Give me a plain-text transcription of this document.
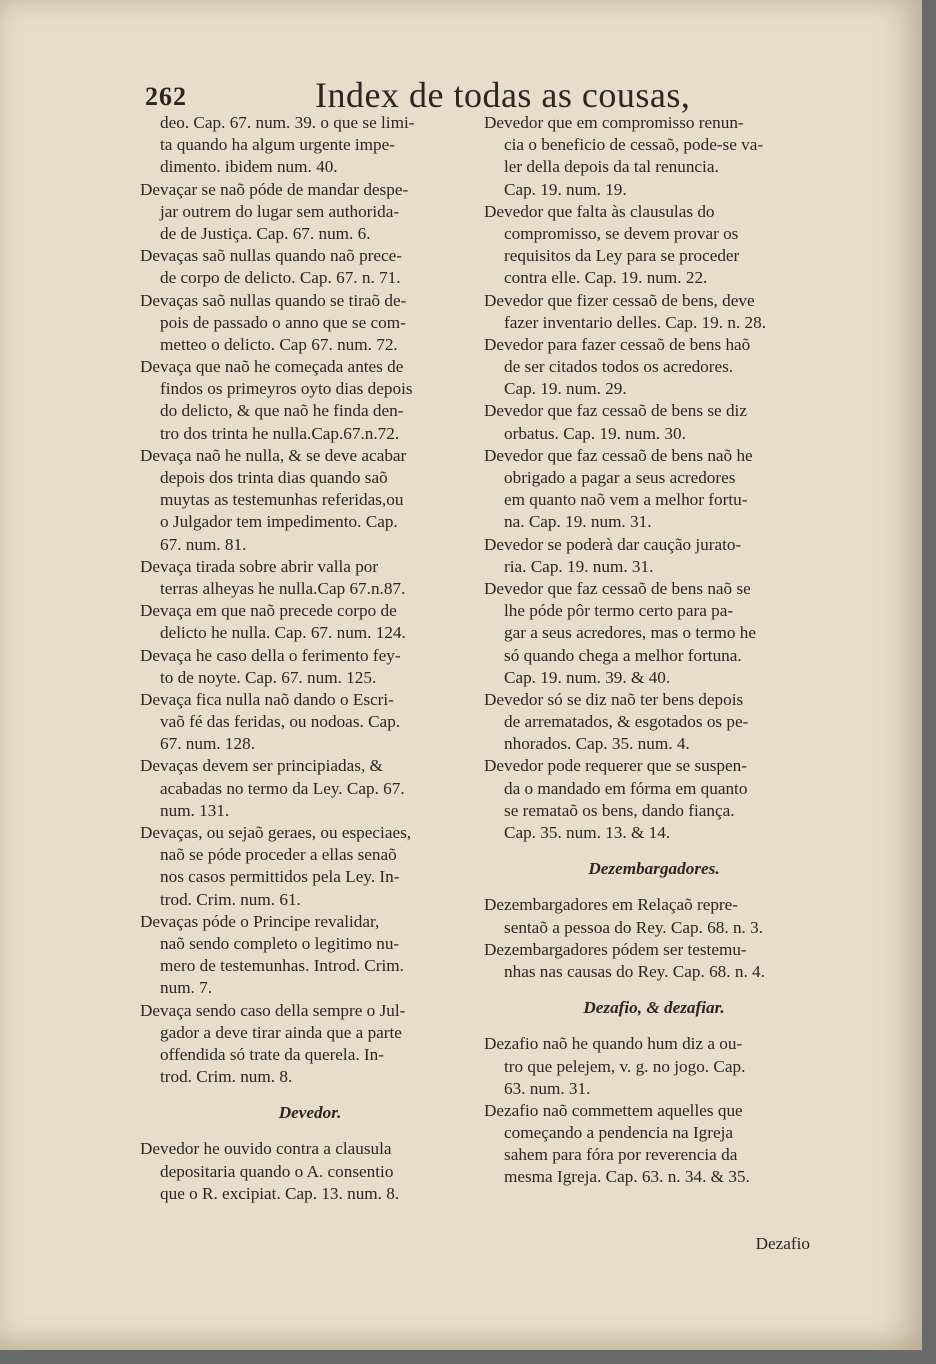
262	Index de todas as cousas,
deo. Cap. 67. num. 39. o que se limi-
ta quando ha algum urgente impe-
dimento. ibidem num. 40.
Devaçar se naõ póde de mandar despe-
jar outrem do lugar sem authorida-
de de Justiça. Cap. 67. num. 6.
Devaças saõ nullas quando naõ prece-
de corpo de delicto. Cap. 67. n. 71.
Devaças saõ nullas quando se tiraõ de-
pois de passado o anno que se com-
metteo o delicto. Cap 67. num. 72.
Devaça que naõ he começada antes de
findos os primeyros oyto dias depois
do delicto, & que naõ he finda den-
tro dos trinta he nulla.Cap.67.n.72.
Devaça naõ he nulla, & se deve acabar
depois dos trinta dias quando saõ
muytas as testemunhas referidas,ou
o Julgador tem impedimento. Cap.
67. num. 81.
Devaça tirada sobre abrir valla por
terras alheyas he nulla.Cap 67.n.87.
Devaça em que naõ precede corpo de
delicto he nulla. Cap. 67. num. 124.
Devaça he caso della o ferimento fey-
to de noyte. Cap. 67. num. 125.
Devaça fica nulla naõ dando o Escri-
vaõ fé das feridas, ou nodoas. Cap.
67. num. 128.
Devaças devem ser principiadas, &
acabadas no termo da Ley. Cap. 67.
num. 131.
Devaças, ou sejaõ geraes, ou especiaes,
naõ se póde proceder a ellas senaõ
nos casos permittidos pela Ley. In-
trod. Crim. num. 61.
Devaças póde o Principe revalidar,
naõ sendo completo o legitimo nu-
mero de testemunhas. Introd. Crim.
num. 7.
Devaça sendo caso della sempre o Jul-
gador a deve tirar ainda que a parte
offendida só trate da querela. In-
trod. Crim. num. 8.
Devedor.
Devedor he ouvido contra a clausula
depositaria quando o A. consentio
que o R. excipiat. Cap. 13. num. 8.
Devedor que em compromisso renun-
cia o beneficio de cessaõ, pode-se va-
ler della depois da tal renuncia.
Cap. 19. num. 19.
Devedor que falta às clausulas do
compromisso, se devem provar os
requisitos da Ley para se proceder
contra elle. Cap. 19. num. 22.
Devedor que fizer cessaõ de bens, deve
fazer inventario delles. Cap. 19. n. 28.
Devedor para fazer cessaõ de bens haõ
de ser citados todos os acredores.
Cap. 19. num. 29.
Devedor que faz cessaõ de bens se diz
orbatus. Cap. 19. num. 30.
Devedor que faz cessaõ de bens naõ he
obrigado a pagar a seus acredores
em quanto naõ vem a melhor fortu-
na. Cap. 19. num. 31.
Devedor se poderà dar caução jurato-
ria. Cap. 19. num. 31.
Devedor que faz cessaõ de bens naõ se
lhe póde pôr termo certo para pa-
gar a seus acredores, mas o termo he
só quando chega a melhor fortuna.
Cap. 19. num. 39. & 40.
Devedor só se diz naõ ter bens depois
de arrematados, & esgotados os pe-
nhorados. Cap. 35. num. 4.
Devedor pode requerer que se suspen-
da o mandado em fórma em quanto
se remataõ os bens, dando fiança.
Cap. 35. num. 13. & 14.
Dezembargadores.
Dezembargadores em Relaçaõ repre-
sentaõ a pessoa do Rey. Cap. 68. n. 3.
Dezembargadores pódem ser testemu-
nhas nas causas do Rey. Cap. 68. n. 4.
Dezafio, & dezafiar.
Dezafio naõ he quando hum diz a ou-
tro que pelejem, v. g. no jogo. Cap.
63. num. 31.
Dezafio naõ commettem aquelles que
começando a pendencia na Igreja
sahem para fóra por reverencia da
mesma Igreja. Cap. 63. n. 34. & 35.
Dezafio
